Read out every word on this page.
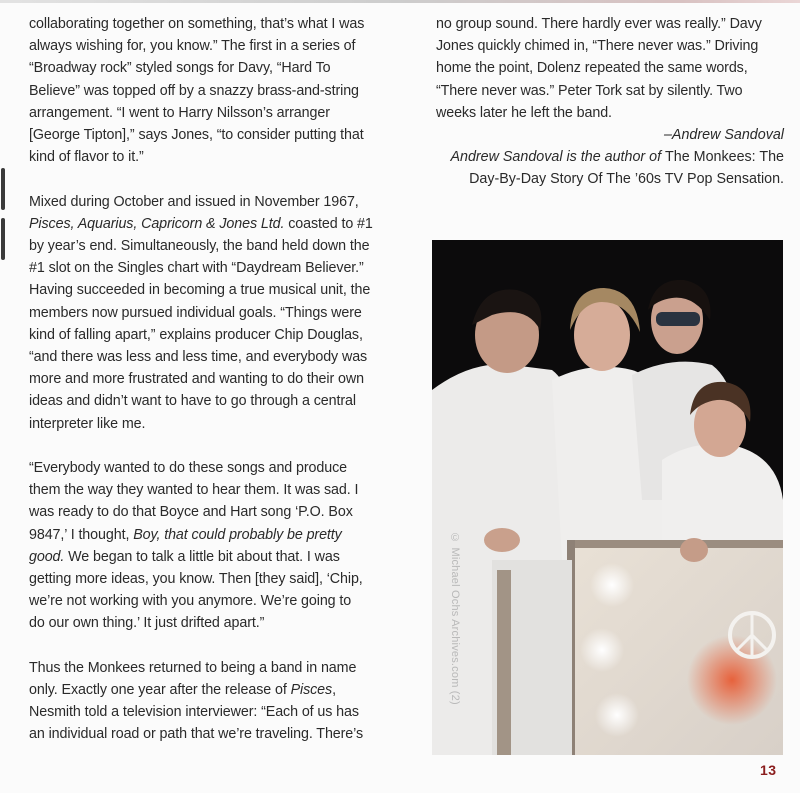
collaborating together on something, that’s what I was
always wishing for, you know.” The first in a series of
“Broadway rock” styled songs for Davy, “Hard To
Believe” was topped off by a snazzy brass-and-string
arrangement. “I went to Harry Nilsson’s arranger
[George Tipton],” says Jones, “to consider putting that
kind of flavor to it.”

Mixed during October and issued in November 1967,
Pisces, Aquarius, Capricorn & Jones Ltd. coasted to #1
by year’s end. Simultaneously, the band held down the
#1 slot on the Singles chart with “Daydream Believer.”
Having succeeded in becoming a true musical unit, the
members now pursued individual goals. “Things were
kind of falling apart,” explains producer Chip Douglas,
“and there was less and less time, and everybody was
more and more frustrated and wanting to do their own
ideas and didn’t want to have to go through a central
interpreter like me.

“Everybody wanted to do these songs and produce
them the way they wanted to hear them. It was sad. I
was ready to do that Boyce and Hart song ‘P.O. Box
9847,’ I thought, Boy, that could probably be pretty
good. We began to talk a little bit about that. I was
getting more ideas, you know. Then [they said], ‘Chip,
we’re not working with you anymore. We’re going to
do our own thing.’ It just drifted apart.”

Thus the Monkees returned to being a band in name
only. Exactly one year after the release of Pisces,
Nesmith told a television interviewer: “Each of us has
an individual road or path that we’re traveling. There’s

no group sound. There hardly ever was really.” Davy
Jones quickly chimed in, “There never was.” Driving
home the point, Dolenz repeated the same words,
“There never was.” Peter Tork sat by silently. Two
weeks later he left the band.

–Andrew Sandoval

Andrew Sandoval is the author of The Monkees: The
Day-By-Day Story Of The ’60s TV Pop Sensation.

© Michael Ochs Archives.com (2)
13
